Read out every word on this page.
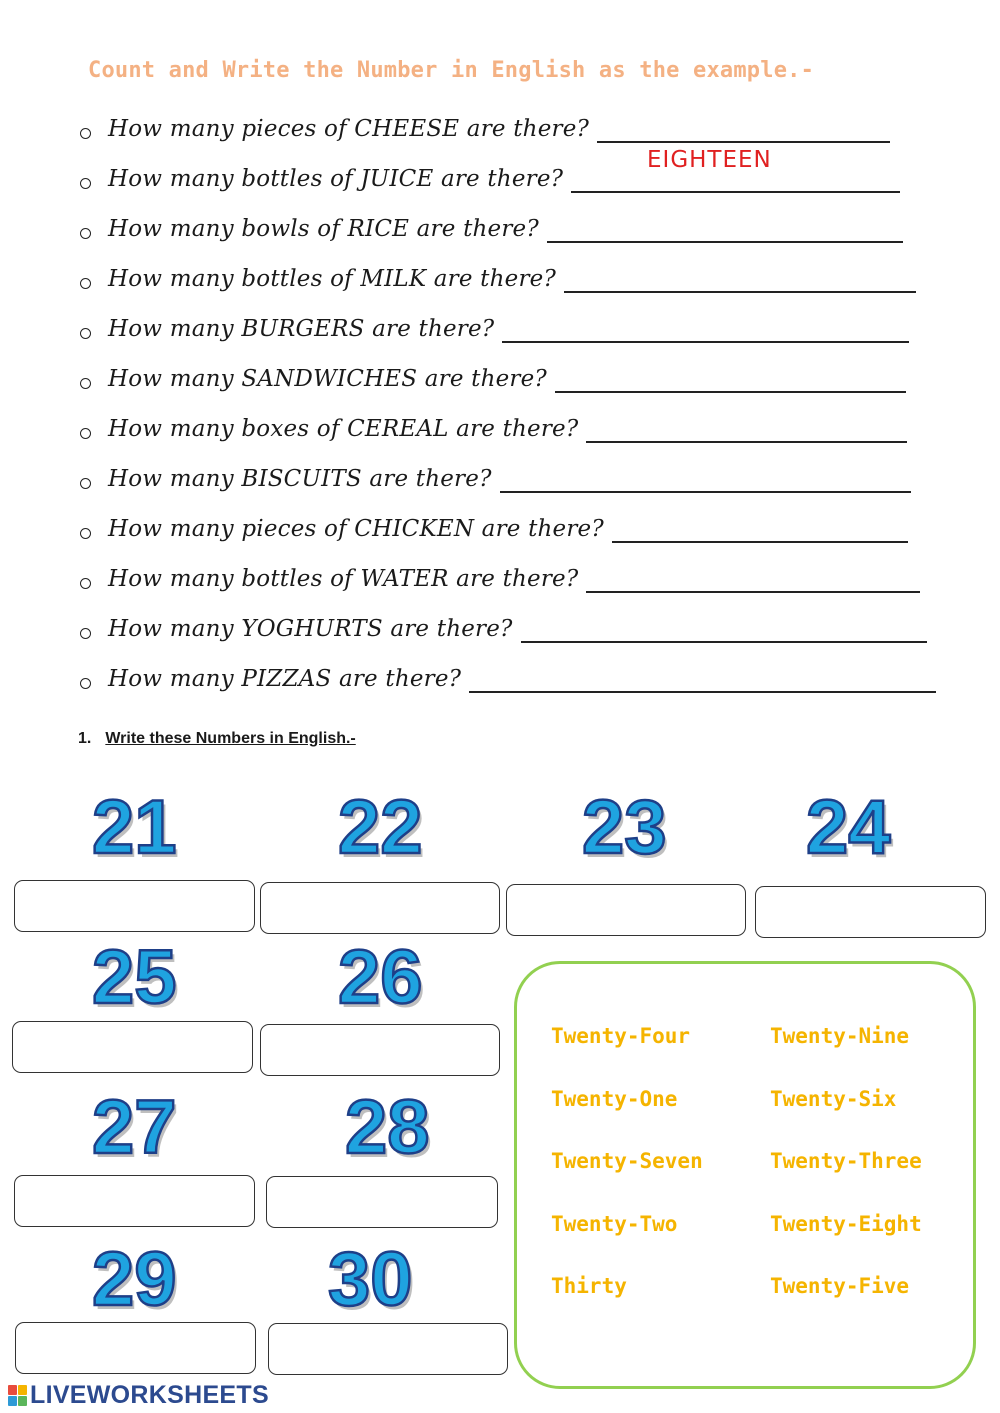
Count and Write the Number in English as the example.-

How many pieces of CHEESE are there?
EIGHTEEN
How many bottles of JUICE are there?
How many bowls of RICE are there?
How many bottles of MILK are there?
How many BURGERS are there?
How many SANDWICHES are there?
How many boxes of CEREAL are there?
How many BISCUITS are there?
How many pieces of CHICKEN are there?
How many bottles of WATER are there?
How many YOGHURTS are there?
How many PIZZAS are there?

1. Write these Numbers in English.-

21 22 23 24

25 26

27 28

29 30

Twenty-Four	Twenty-Nine
Twenty-One	Twenty-Six
Twenty-Seven	Twenty-Three
Twenty-Two	Twenty-Eight
Thirty	Twenty-Five

LIVEWORKSHEETS
